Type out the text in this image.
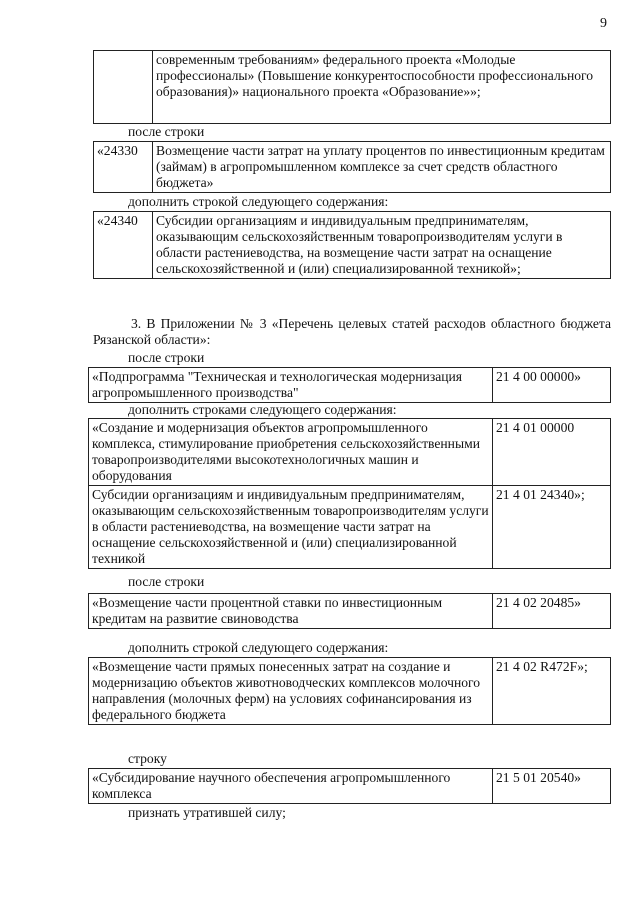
9
	современным требованиям» федерального проекта «Молодые профессионалы» (Повышение конкурентоспособности профессионального образования)» национального проекта «Образование»»;
после строки
«24330	Возмещение части затрат на уплату процентов по инвестиционным кредитам (займам) в агропромышленном комплексе за счет средств областного бюджета»
дополнить строкой следующего содержания:
«24340	Субсидии организациям и индивидуальным предпринимателям, оказывающим сельскохозяйственным товаропроизводителям услуги в области растениеводства, на возмещение части затрат на оснащение сельскохозяйственной и (или) специализированной техникой»;
3. В Приложении № 3 «Перечень целевых статей расходов областного бюджета Рязанской области»:
после строки
«Подпрограмма "Техническая и технологическая модернизация агропромышленного производства"	21 4 00 00000»
дополнить строками следующего содержания:
«Создание и модернизация объектов агропромышленного комплекса, стимулирование приобретения сельскохозяйственными товаропроизводителями высокотехнологичных машин и оборудования	21 4 01 00000
Субсидии организациям и индивидуальным предпринимателям, оказывающим сельскохозяйственным товаропроизводителям услуги в области растениеводства, на возмещение части затрат на оснащение сельскохозяйственной и (или) специализированной техникой	21 4 01 24340»;
после строки
«Возмещение части процентной ставки по инвестиционным кредитам на развитие свиноводства	21 4 02 20485»
дополнить строкой следующего содержания:
«Возмещение части прямых понесенных затрат на создание и модернизацию объектов животноводческих комплексов молочного направления (молочных ферм) на условиях софинансирования из федерального бюджета	21 4 02 R472F»;
строку
«Субсидирование научного обеспечения агропромышленного комплекса	21 5 01 20540»
признать утратившей силу;
